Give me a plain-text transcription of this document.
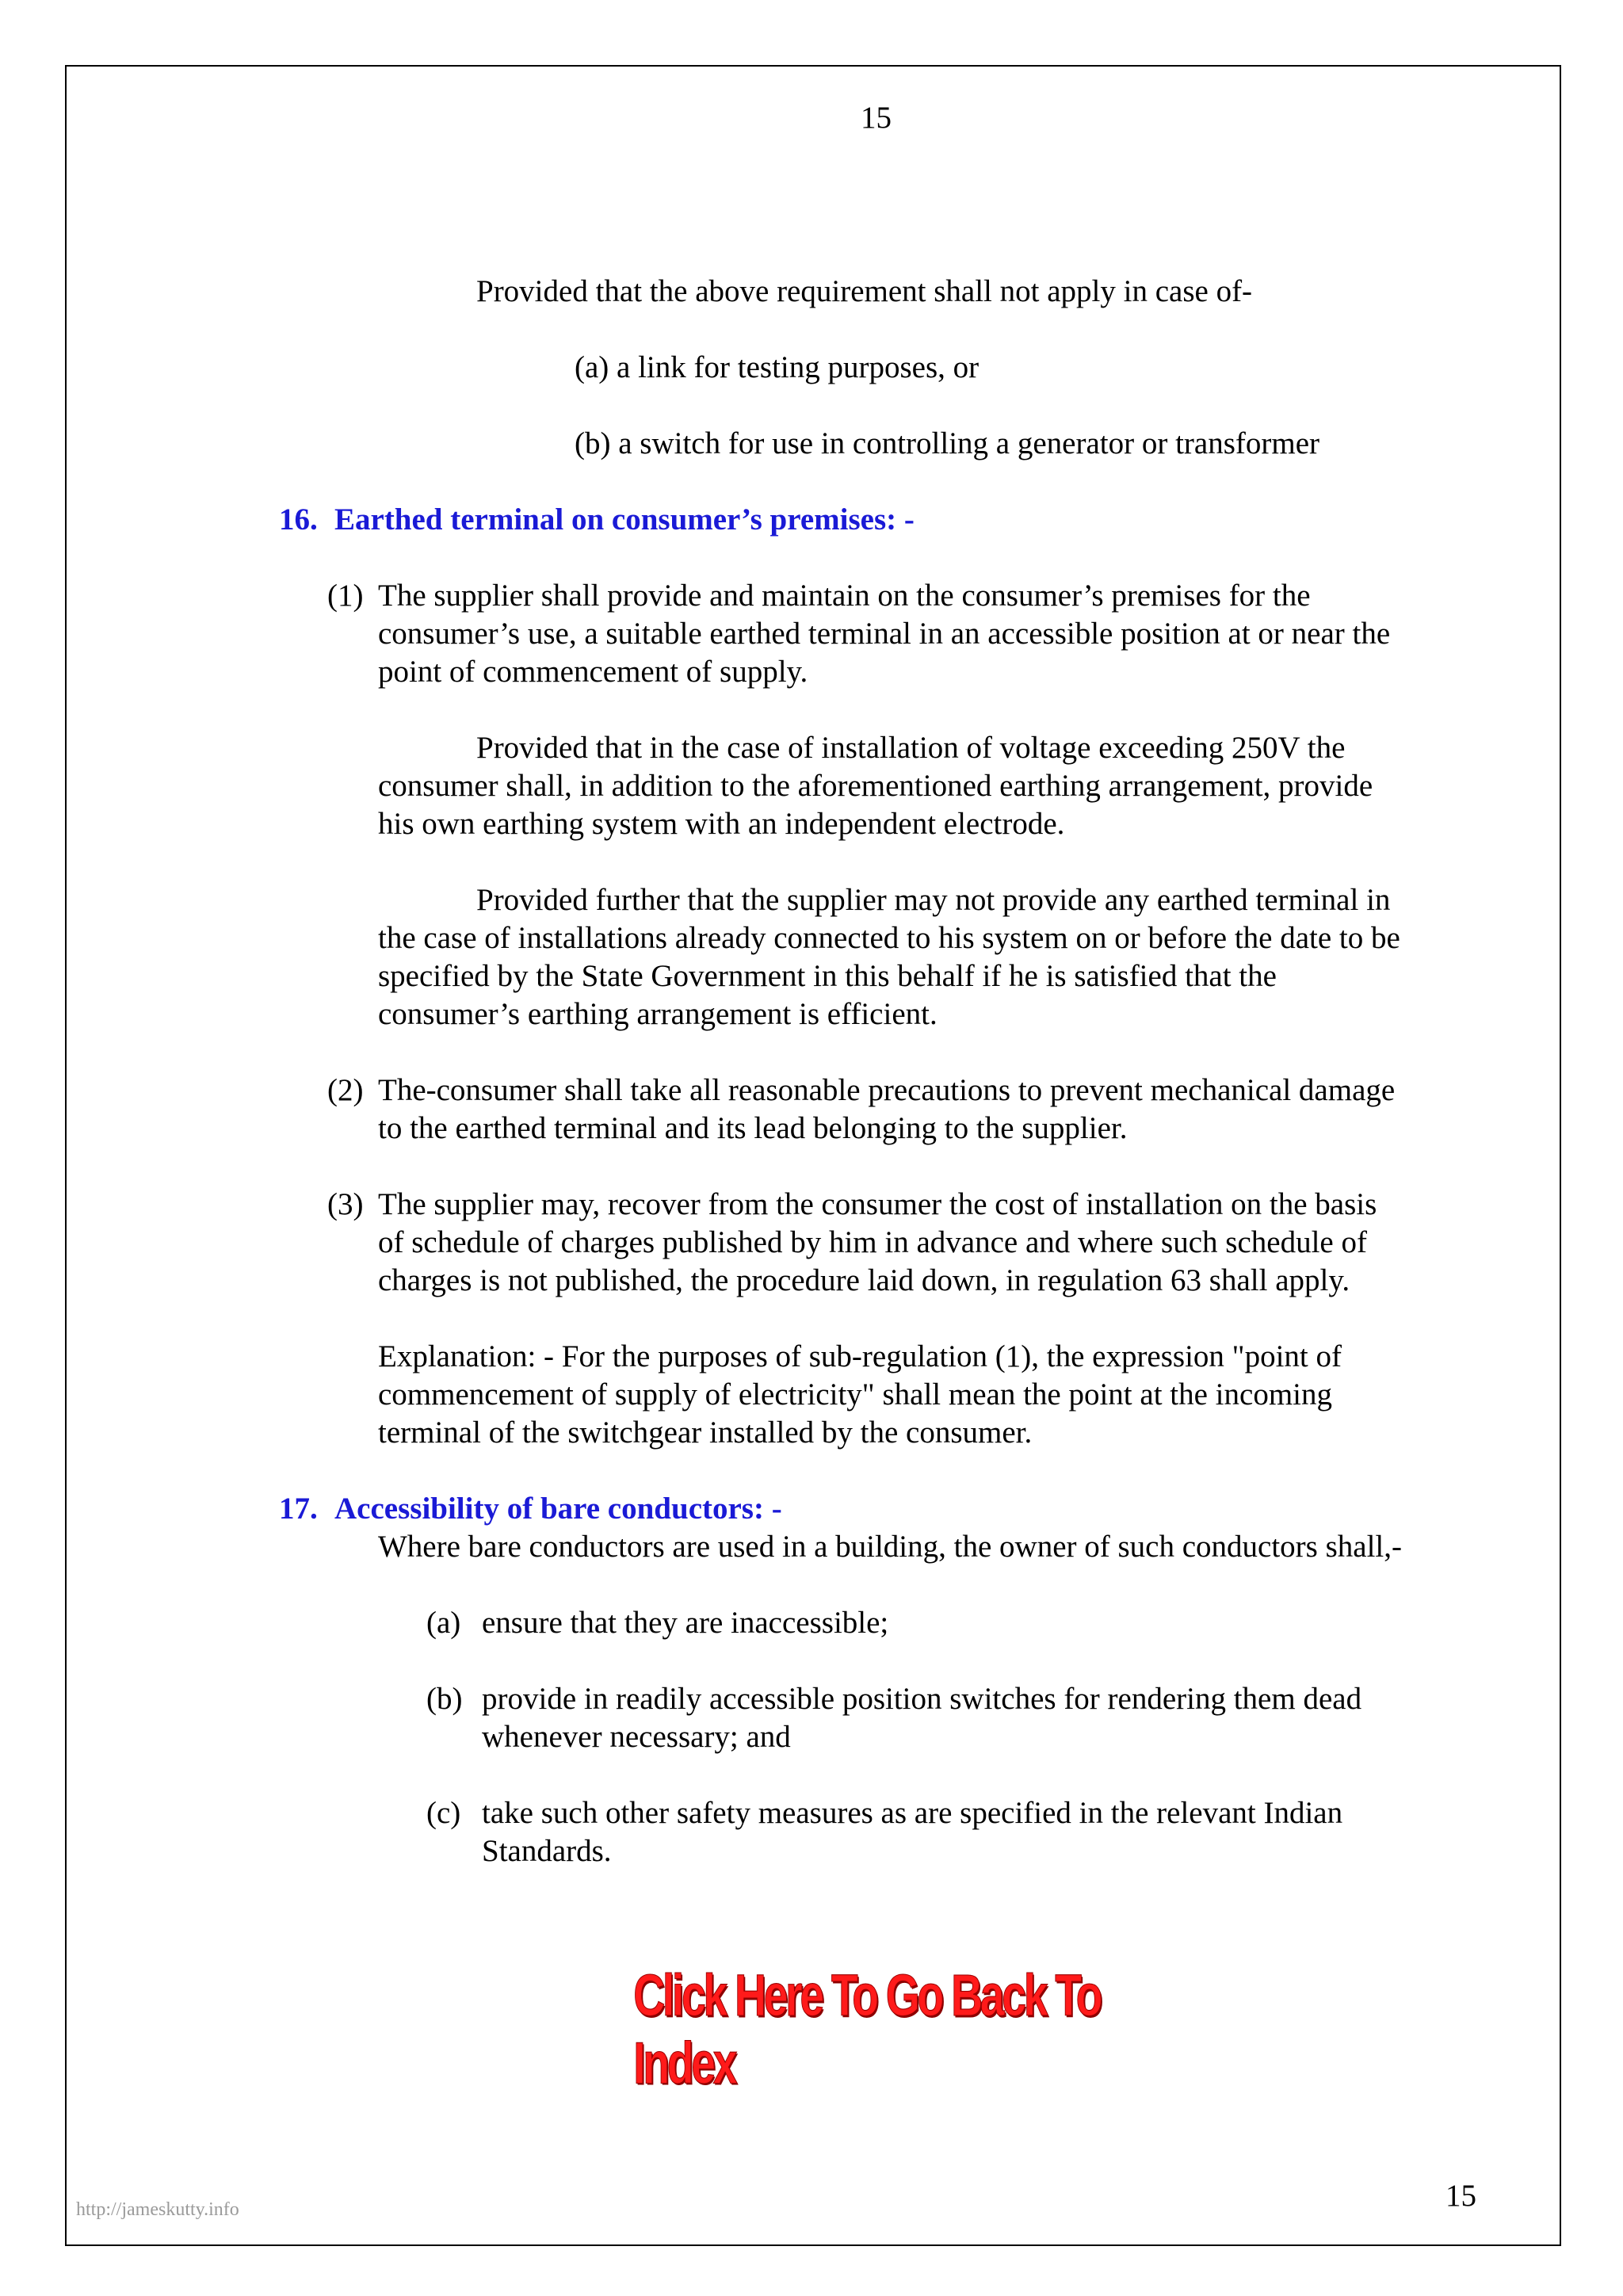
15
Provided that the above requirement shall not apply in case of-
(a) a link for testing purposes, or
(b) a switch for use in controlling a generator or transformer
16. Earthed terminal on consumer’s premises: -
(1) The supplier shall provide and maintain on the consumer’s premises for the
consumer’s use, a suitable earthed terminal in an accessible position at or near the
point of commencement of supply.
Provided that in the case of installation of voltage exceeding 250V the
consumer shall, in addition to the aforementioned earthing arrangement, provide
his own earthing system with an independent electrode.
Provided further that the supplier may not provide any earthed terminal in
the case of installations already connected to his system on or before the date to be
specified by the State Government in this behalf if he is satisfied that the
consumer’s earthing arrangement is efficient.
(2) The-consumer shall take all reasonable precautions to prevent mechanical damage
to the earthed terminal and its lead belonging to the supplier.
(3) The supplier may, recover from the consumer the cost of installation on the basis
of schedule of charges published by him in advance and where such schedule of
charges is not published, the procedure laid down, in regulation 63 shall apply.
Explanation: - For the purposes of sub-regulation (1), the expression "point of
commencement of supply of electricity" shall mean the point at the incoming
terminal of the switchgear installed by the consumer.
17. Accessibility of bare conductors: -
Where bare conductors are used in a building, the owner of such conductors shall,-
(a) ensure that they are inaccessible;
(b) provide in readily accessible position switches for rendering them dead
whenever necessary; and
(c) take such other safety measures as are specified in the relevant Indian
Standards.
Click Here To Go Back To Index
15
http://jameskutty.info
